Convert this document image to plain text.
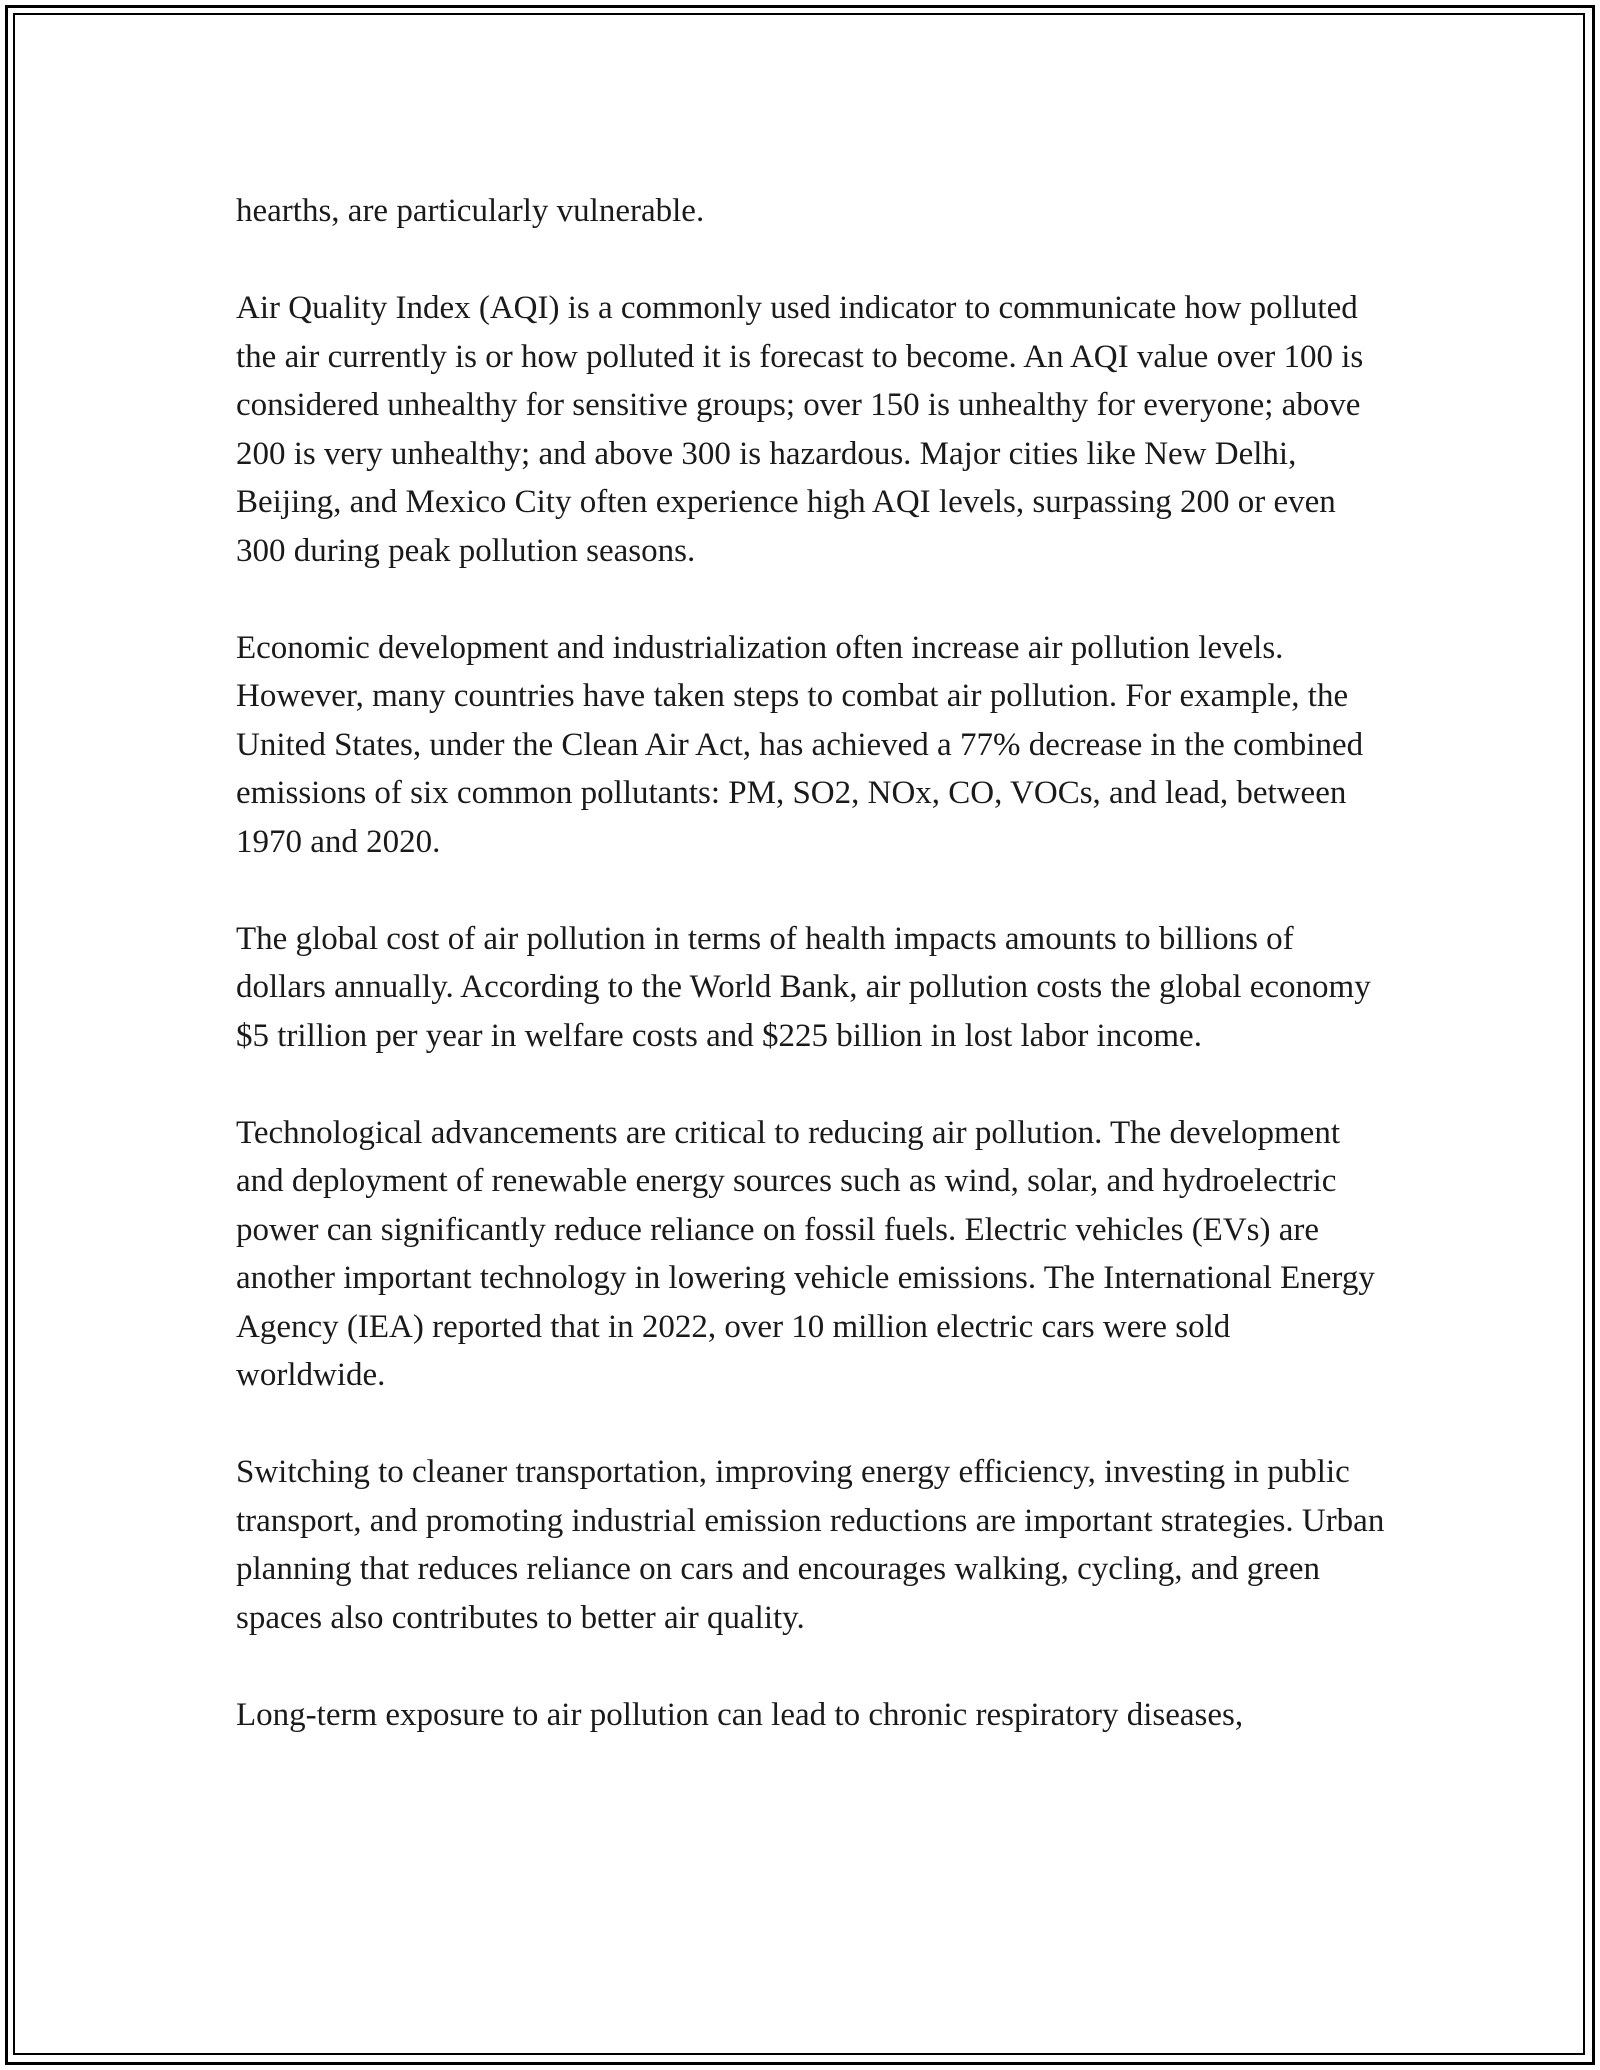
hearths, are particularly vulnerable.

Air Quality Index (AQI) is a commonly used indicator to communicate how polluted the air currently is or how polluted it is forecast to become. An AQI value over 100 is considered unhealthy for sensitive groups; over 150 is unhealthy for everyone; above 200 is very unhealthy; and above 300 is hazardous. Major cities like New Delhi, Beijing, and Mexico City often experience high AQI levels, surpassing 200 or even 300 during peak pollution seasons.

Economic development and industrialization often increase air pollution levels. However, many countries have taken steps to combat air pollution. For example, the United States, under the Clean Air Act, has achieved a 77% decrease in the combined emissions of six common pollutants: PM, SO2, NOx, CO, VOCs, and lead, between 1970 and 2020.

The global cost of air pollution in terms of health impacts amounts to billions of dollars annually. According to the World Bank, air pollution costs the global economy $5 trillion per year in welfare costs and $225 billion in lost labor income.

Technological advancements are critical to reducing air pollution. The development and deployment of renewable energy sources such as wind, solar, and hydroelectric power can significantly reduce reliance on fossil fuels. Electric vehicles (EVs) are another important technology in lowering vehicle emissions. The International Energy Agency (IEA) reported that in 2022, over 10 million electric cars were sold worldwide.

Switching to cleaner transportation, improving energy efficiency, investing in public transport, and promoting industrial emission reductions are important strategies. Urban planning that reduces reliance on cars and encourages walking, cycling, and green spaces also contributes to better air quality.

Long-term exposure to air pollution can lead to chronic respiratory diseases,
